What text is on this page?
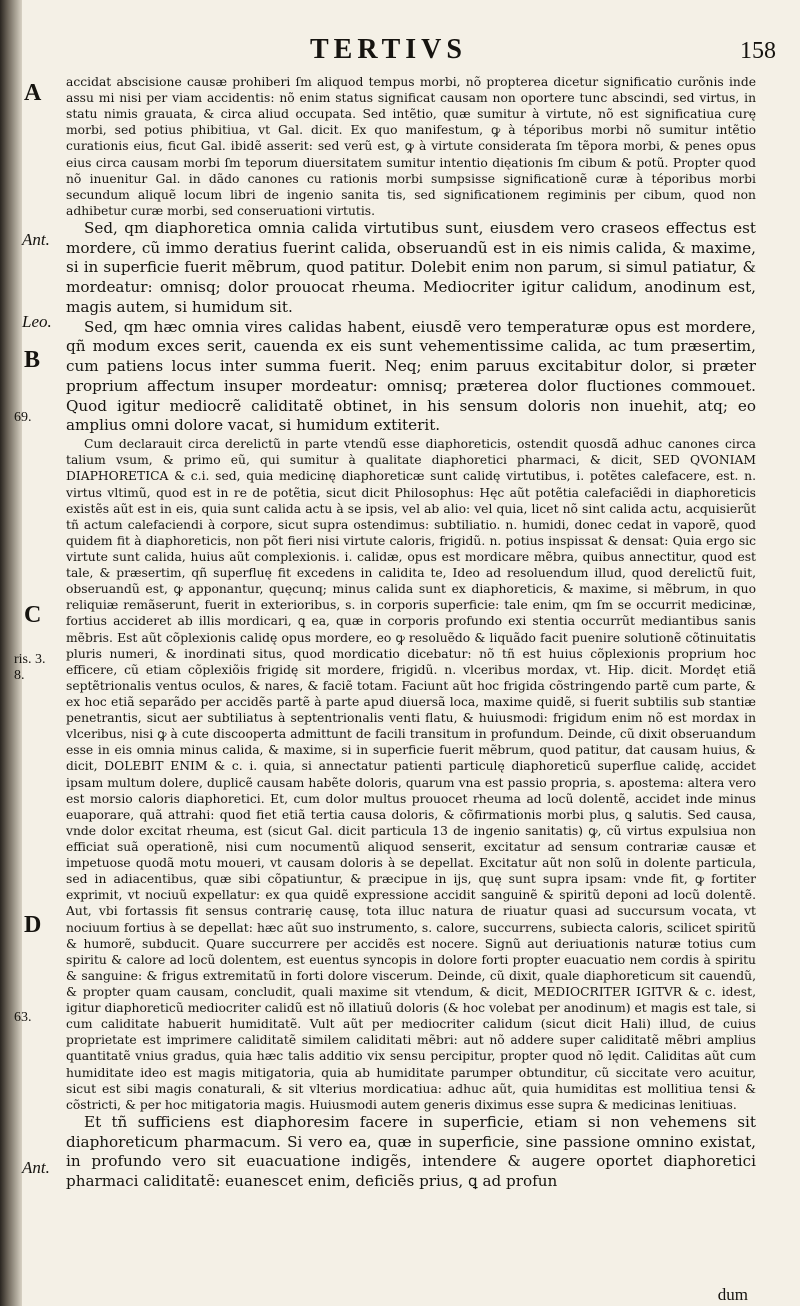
TERTIVS	158
A
Ant.
Leo.
B
69.
C
ris. 3.
8.
D
63.
Ant.

accidat abscisione causæ prohiberi ſm aliquod tempus morbi, nõ propterea dicetur significatio curõnis inde assu mi nisi per viam accidentis: nõ enim status significat causam non oportere tunc abscindi, sed virtus, in statu nimis grauata, & circa aliud occupata. Sed intẽtio, quæ sumitur à virtute, nõ est significatiua curę morbi, sed potius phibitiua, vt Gal. dicit. Ex quo manifestum, ꝙ à téporibus morbi nõ sumitur intẽtio curationis eius, ficut Gal. ibidẽ asserit: sed verũ est, ꝙ à virtute considerata ſm tẽpora morbi, & penes opus eius circa causam morbi ſm teporum diuersitatem sumitur intentio dięationis ſm cibum & potũ. Propter quod nõ inuenitur Gal. in dãdo canones cu rationis morbi sumpsisse significationẽ curæ à téporibus morbi secundum aliquẽ locum libri de ingenio sanita tis, sed significationem regiminis per cibum, quod non adhibetur curæ morbi, sed conseruationi virtutis.

Sed, qm diaphoretica omnia calida virtutibus sunt, eiusdem vero craseos effectus est mordere, cũ immo deratius fuerint calida, obseruandũ est in eis nimis calida, & maxime, si in superficie fuerit mẽbrum, quod patitur. Dolebit enim non parum, si simul patiatur, & mordeatur: omnisq; dolor prouocat rheuma. Mediocriter igitur calidum, anodinum est, magis autem, si humidum sit.

Sed, qm hæc omnia vires calidas habent, eiusdẽ vero temperaturæ opus est mordere, qñ modum exces serit, cauenda ex eis sunt vehementissime calida, ac tum præsertim, cum patiens locus inter summa fuerit. Neq; enim paruus excitabitur dolor, si præter proprium affectum insuper mordeatur: omnisq; præterea dolor fluctiones commouet. Quod igitur mediocrẽ caliditatẽ obtinet, in his sensum doloris non inuehit, atq; eo amplius omni dolore vacat, si humidum extiterit.

Cum declarauit circa derelictũ in parte vtendũ esse diaphoreticis, ostendit quosdã adhuc canones circa talium vsum, & primo eũ, qui sumitur à qualitate diaphoretici pharmaci, & dicit, SED QVONIAM DIAPHORETICA & c.i. sed, quia medicinę diaphoreticæ sunt calidę virtutibus, i. potẽtes calefacere, est. n. virtus vltimũ, quod est in re de potẽtia, sicut dicit Philosophus: Hęc aũt potẽtia calefaciẽdi in diaphoreticis existẽs aũt est in eis, quia sunt calida actu à se ipsis, vel ab alio: vel quia, licet nõ sint calida actu, acquisierũt tñ actum calefaciendi à corpore, sicut supra ostendimus: subtiliatio. n. humidi, donec cedat in vaporẽ, quod quidem fit à diaphoreticis, non põt fieri nisi virtute caloris, frigidũ. n. potius inspissat & densat: Quia ergo sic virtute sunt calida, huius aũt complexionis. i. calidæ, opus est mordicare mẽbra, quibus annectitur, quod est tale, & præsertim, qñ superfluę fit excedens in calidita te, Ideo ad resoluendum illud, quod derelictũ fuit, obseruandũ est, ꝙ apponantur, quęcunq; minus calida sunt ex diaphoreticis, & maxime, si mẽbrum, in quo reliquiæ remãserunt, fuerit in exterioribus, s. in corporis superficie: tale enim, qm ſm se occurrit medicinæ, fortius accideret ab illis mordicari, ꝗ ea, quæ in corporis profundo exi stentia occurrũt mediantibus sanis mẽbris. Est aũt cõplexionis calidę opus mordere, eo ꝙ resoluẽdo & liquãdo facit puenire solutionẽ cõtinuitatis pluris numeri, & inordinati situs, quod mordicatio dicebatur: nõ tñ est huius cõplexionis proprium hoc efficere, cũ etiam cõplexiõis frigidę sit mordere, frigidũ. n. vlceribus mordax, vt. Hip. dicit. Mordęt etiã septẽtrionalis ventus oculos, & nares, & faciẽ totam. Faciunt aũt hoc frigida cõstringendo partẽ cum parte, & ex hoc etiã separãdo per accidẽs partẽ à parte apud diuersã loca, maxime quidẽ, si fuerit subtilis sub stantiæ penetrantis, sicut aer subtiliatus à septentrionalis venti flatu, & huiusmodi: frigidum enim nõ est mordax in vlceribus, nisi ꝙ à cute discooperta admittunt de facili transitum in profundum. Deinde, cũ dixit obseruandum esse in eis omnia minus calida, & maxime, si in superficie fuerit mẽbrum, quod patitur, dat causam huius, & dicit, DOLEBIT ENIM & c. i. quia, si annectatur patienti particulę diaphoreticũ superflue calidę, accidet ipsam multum dolere, duplicẽ causam habẽte doloris, quarum vna est passio propria, s. apostema: altera vero est morsio caloris diaphoretici. Et, cum dolor multus prouocet rheuma ad locũ dolentẽ, accidet inde minus euaporare, quã attrahi: quod fiet etiã tertia causa doloris, & cõfirmationis morbi plus, ꝗ salutis. Sed causa, vnde dolor excitat rheuma, est (sicut Gal. dicit particula 13 de ingenio sanitatis) ꝙ, cũ virtus expulsiua non efficiat suã operationẽ, nisi cum nocumentũ aliquod senserit, excitatur ad sensum contrariæ causæ et impetuose quodã motu moueri, vt causam doloris à se depellat. Excitatur aũt non solũ in dolente particula, sed in adiacentibus, quæ sibi cõpatiuntur, & præcipue in ijs, quę sunt supra ipsam: vnde fit, ꝙ fortiter exprimit, vt nociuũ expellatur: ex qua quidẽ expressione accidit sanguinẽ & spiritũ deponi ad locũ dolentẽ. Aut, vbi fortassis fit sensus contrarię causę, tota illuc natura de riuatur quasi ad succursum vocata, vt nociuum fortius à se depellat: hæc aũt suo instrumento, s. calore, succurrens, subiecta caloris, scilicet spiritũ & humorẽ, subducit. Quare succurrere per accidẽs est nocere. Signũ aut deriuationis naturæ totius cum spiritu & calore ad locũ dolentem, est euentus syncopis in dolore forti propter euacuatio nem cordis à spiritu & sanguine: & frigus extremitatũ in forti dolore viscerum. Deinde, cũ dixit, quale diaphoreticum sit cauendũ, & propter quam causam, concludit, quali maxime sit vtendum, & dicit, MEDIOCRITER IGITVR & c. idest, igitur diaphoreticũ mediocriter calidũ est nõ illatiuũ doloris (& hoc volebat per anodinum) et magis est tale, si cum caliditate habuerit humiditatẽ. Vult aũt per mediocriter calidum (sicut dicit Hali) illud, de cuius proprietate est imprimere caliditatẽ similem caliditati mẽbri: aut nõ addere super caliditatẽ mẽbri amplius quantitatẽ vnius gradus, quia hæc talis additio vix sensu percipitur, propter quod nõ lędit. Caliditas aũt cum humiditate ideo est magis mitigatoria, quia ab humiditate parumper obtunditur, cũ siccitate vero acuitur, sicut est sibi magis conaturali, & sit vlterius mordicatiua: adhuc aũt, quia humiditas est mollitiua tensi & cõstricti, & per hoc mitigatoria magis. Huiusmodi autem generis diximus esse supra & medicinas lenitiuas.

Et tñ sufficiens est diaphoresim facere in superficie, etiam si non vehemens sit diaphoreticum pharmacum. Si vero ea, quæ in superficie, sine passione omnino existat, in profundo vero sit euacuatione indigẽs, intendere & augere oportet diaphoretici pharmaci caliditatẽ: euanescet enim, deficiẽs prius, ꝗ ad profun

dum
